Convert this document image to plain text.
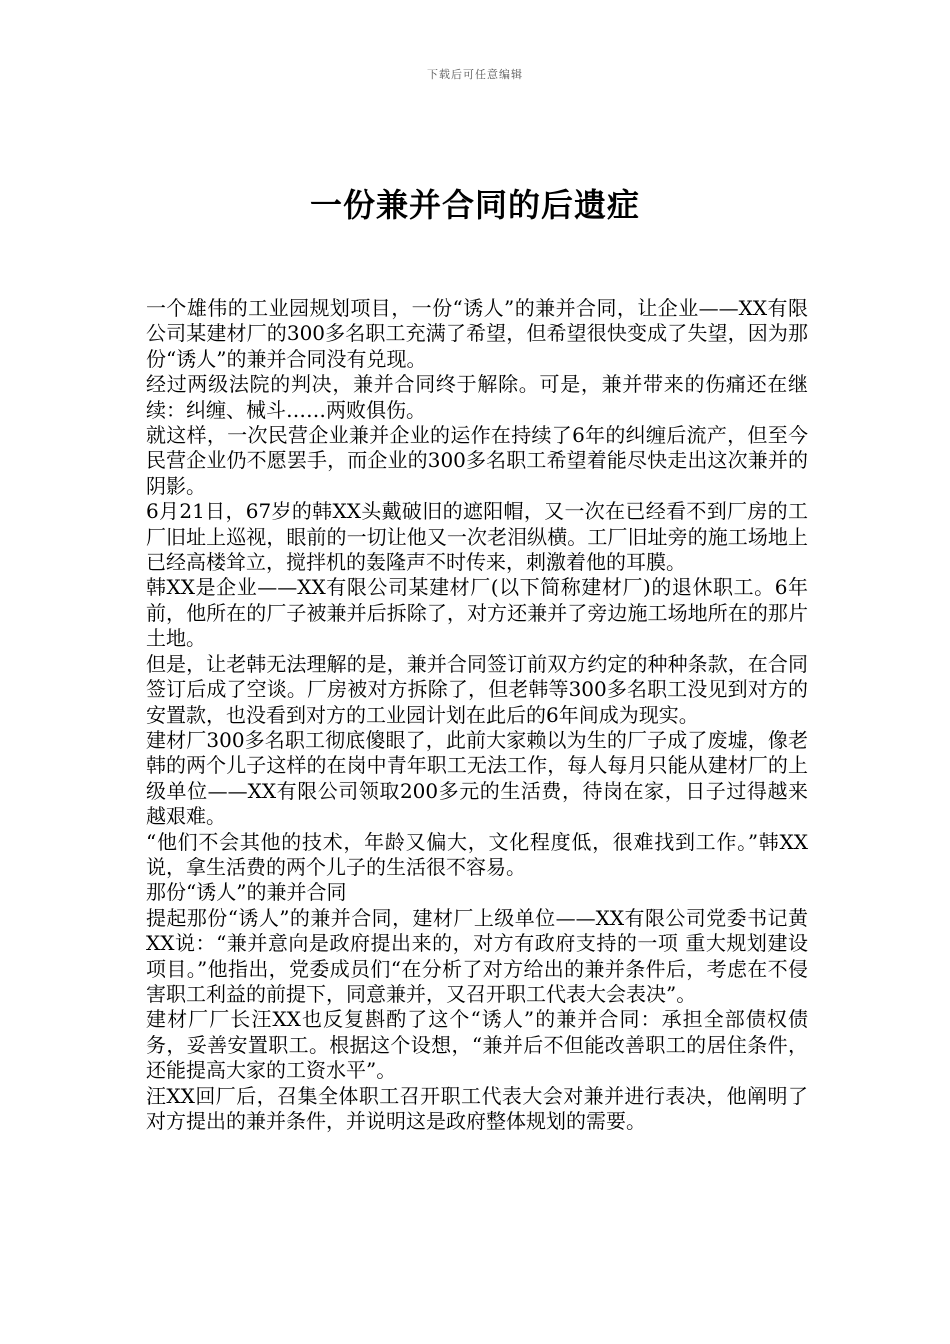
下载后可任意编辑
一份兼并合同的后遗症

一个雄伟的工业园规划项目，一份“诱人”的兼并合同，让企业——XX有限公司某建材厂的300多名职工充满了希望，但希望很快变成了失望，因为那份“诱人”的兼并合同没有兑现。

经过两级法院的判决，兼并合同终于解除。可是，兼并带来的伤痛还在继续：纠缠、械斗……两败俱伤。

就这样，一次民营企业兼并企业的运作在持续了6年的纠缠后流产，但至今民营企业仍不愿罢手，而企业的300多名职工希望着能尽快走出这次兼并的阴影。

6月21日，67岁的韩XX头戴破旧的遮阳帽，又一次在已经看不到厂房的工厂旧址上巡视，眼前的一切让他又一次老泪纵横。工厂旧址旁的施工场地上已经高楼耸立，搅拌机的轰隆声不时传来，刺激着他的耳膜。

韩XX是企业——XX有限公司某建材厂(以下简称建材厂)的退休职工。6年前，他所在的厂子被兼并后拆除了，对方还兼并了旁边施工场地所在的那片土地。

但是，让老韩无法理解的是，兼并合同签订前双方约定的种种条款，在合同签订后成了空谈。厂房被对方拆除了，但老韩等300多名职工没见到对方的安置款，也没看到对方的工业园计划在此后的6年间成为现实。

建材厂300多名职工彻底傻眼了，此前大家赖以为生的厂子成了废墟，像老韩的两个儿子这样的在岗中青年职工无法工作，每人每月只能从建材厂的上级单位——XX有限公司领取200多元的生活费，待岗在家，日子过得越来越艰难。

“他们不会其他的技术，年龄又偏大，文化程度低，很难找到工作。”韩XX说，拿生活费的两个儿子的生活很不容易。

那份“诱人”的兼并合同

提起那份“诱人”的兼并合同，建材厂上级单位——XX有限公司党委书记黄XX说：“兼并意向是政府提出来的，对方有政府支持的一项 重大规划建设项目。”他指出，党委成员们“在分析了对方给出的兼并条件后，考虑在不侵害职工利益的前提下，同意兼并，又召开职工代表大会表决”。

建材厂厂长汪XX也反复斟酌了这个“诱人”的兼并合同：承担全部债权债务，妥善安置职工。根据这个设想，“兼并后不但能改善职工的居住条件，还能提高大家的工资水平”。

汪XX回厂后，召集全体职工召开职工代表大会对兼并进行表决，他阐明了对方提出的兼并条件，并说明这是政府整体规划的需要。
